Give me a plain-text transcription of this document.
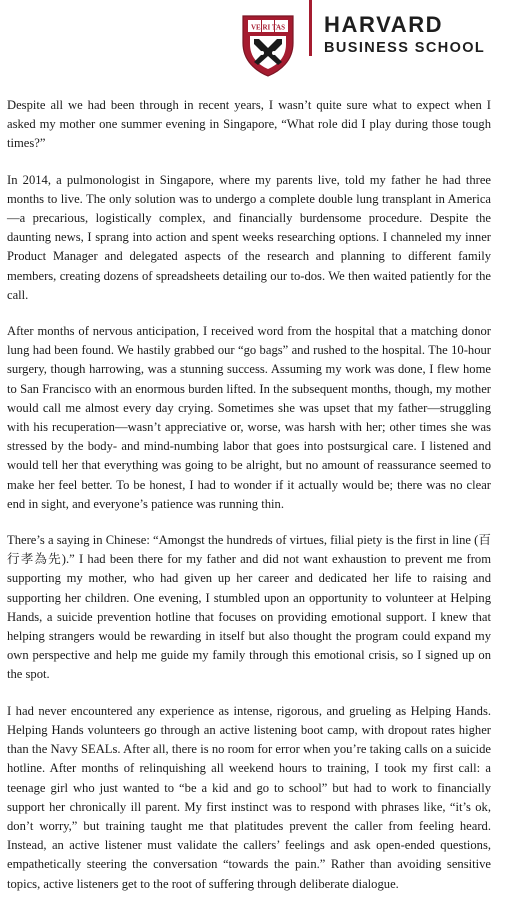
VE RI TAS HARVARD
BUSINESS SCHOOL

Despite all we had been through in recent years, I wasn’t quite sure what to expect when I asked my mother one summer evening in Singapore, “What role did I play during those tough times?”

In 2014, a pulmonologist in Singapore, where my parents live, told my father he had three months to live. The only solution was to undergo a complete double lung transplant in America—a precarious, logistically complex, and financially burdensome procedure. Despite the daunting news, I sprang into action and spent weeks researching options. I channeled my inner Product Manager and delegated aspects of the research and planning to different family members, creating dozens of spreadsheets detailing our to-dos. We then waited patiently for the call.

After months of nervous anticipation, I received word from the hospital that a matching donor lung had been found. We hastily grabbed our “go bags” and rushed to the hospital. The 10-hour surgery, though harrowing, was a stunning success. Assuming my work was done, I flew home to San Francisco with an enormous burden lifted. In the subsequent months, though, my mother would call me almost every day crying. Sometimes she was upset that my father—struggling with his recuperation—wasn’t appreciative or, worse, was harsh with her; other times she was stressed by the body- and mind-numbing labor that goes into postsurgical care. I listened and would tell her that everything was going to be alright, but no amount of reassurance seemed to make her feel better. To be honest, I had to wonder if it actually would be; there was no clear end in sight, and everyone’s patience was running thin.

There’s a saying in Chinese: “Amongst the hundreds of virtues, filial piety is the first in line (百行孝為先).” I had been there for my father and did not want exhaustion to prevent me from supporting my mother, who had given up her career and dedicated her life to raising and supporting her children. One evening, I stumbled upon an opportunity to volunteer at Helping Hands, a suicide prevention hotline that focuses on providing emotional support. I knew that helping strangers would be rewarding in itself but also thought the program could expand my own perspective and help me guide my family through this emotional crisis, so I signed up on the spot.

I had never encountered any experience as intense, rigorous, and grueling as Helping Hands. Helping Hands volunteers go through an active listening boot camp, with dropout rates higher than the Navy SEALs. After all, there is no room for error when you’re taking calls on a suicide hotline. After months of relinquishing all weekend hours to training, I took my first call: a teenage girl who just wanted to “be a kid and go to school” but had to work to financially support her chronically ill parent. My first instinct was to respond with phrases like, “it’s ok, don’t worry,” but training taught me that platitudes prevent the caller from feeling heard. Instead, an active listener must validate the callers’ feelings and ask open-ended questions, empathetically steering the conversation “towards the pain.” Rather than avoiding sensitive topics, active listeners get to the root of suffering through deliberate dialogue.
